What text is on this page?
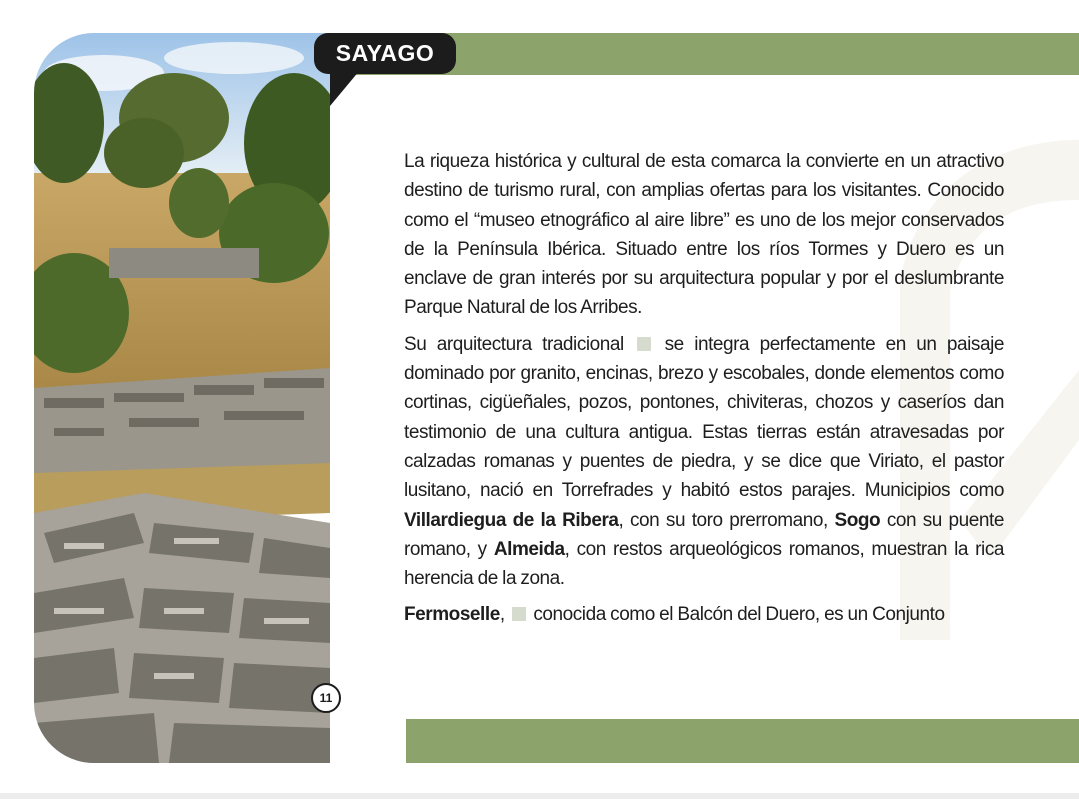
SAYAGO

La riqueza histórica y cultural de esta comarca la convierte en un atractivo destino de turismo rural, con amplias ofertas para los visitantes. Conocido como el “museo etnográfico al aire libre” es uno de los mejor conservados de la Península Ibérica. Situado entre los ríos Tormes y Duero es un enclave de gran interés por su arquitectura popular y por el deslumbrante Parque Natural de los Arribes.

Su arquitectura tradicional se integra perfectamente en un paisaje dominado por granito, encinas, brezo y escobales, donde elementos como cortinas, cigüeñales, pozos, pontones, chiviteras, chozos y caseríos dan testimonio de una cultura antigua. Estas tierras están atravesadas por calzadas romanas y puentes de piedra, y se dice que Viriato, el pastor lusitano, nació en Torrefrades y habitó estos parajes. Municipios como Villardiegua de la Ribera, con su toro prerromano, Sogo con su puente romano, y Almeida, con restos arqueológicos romanos, muestran la rica herencia de la zona.

Fermoselle, conocida como el Balcón del Duero, es un Conjunto

11
